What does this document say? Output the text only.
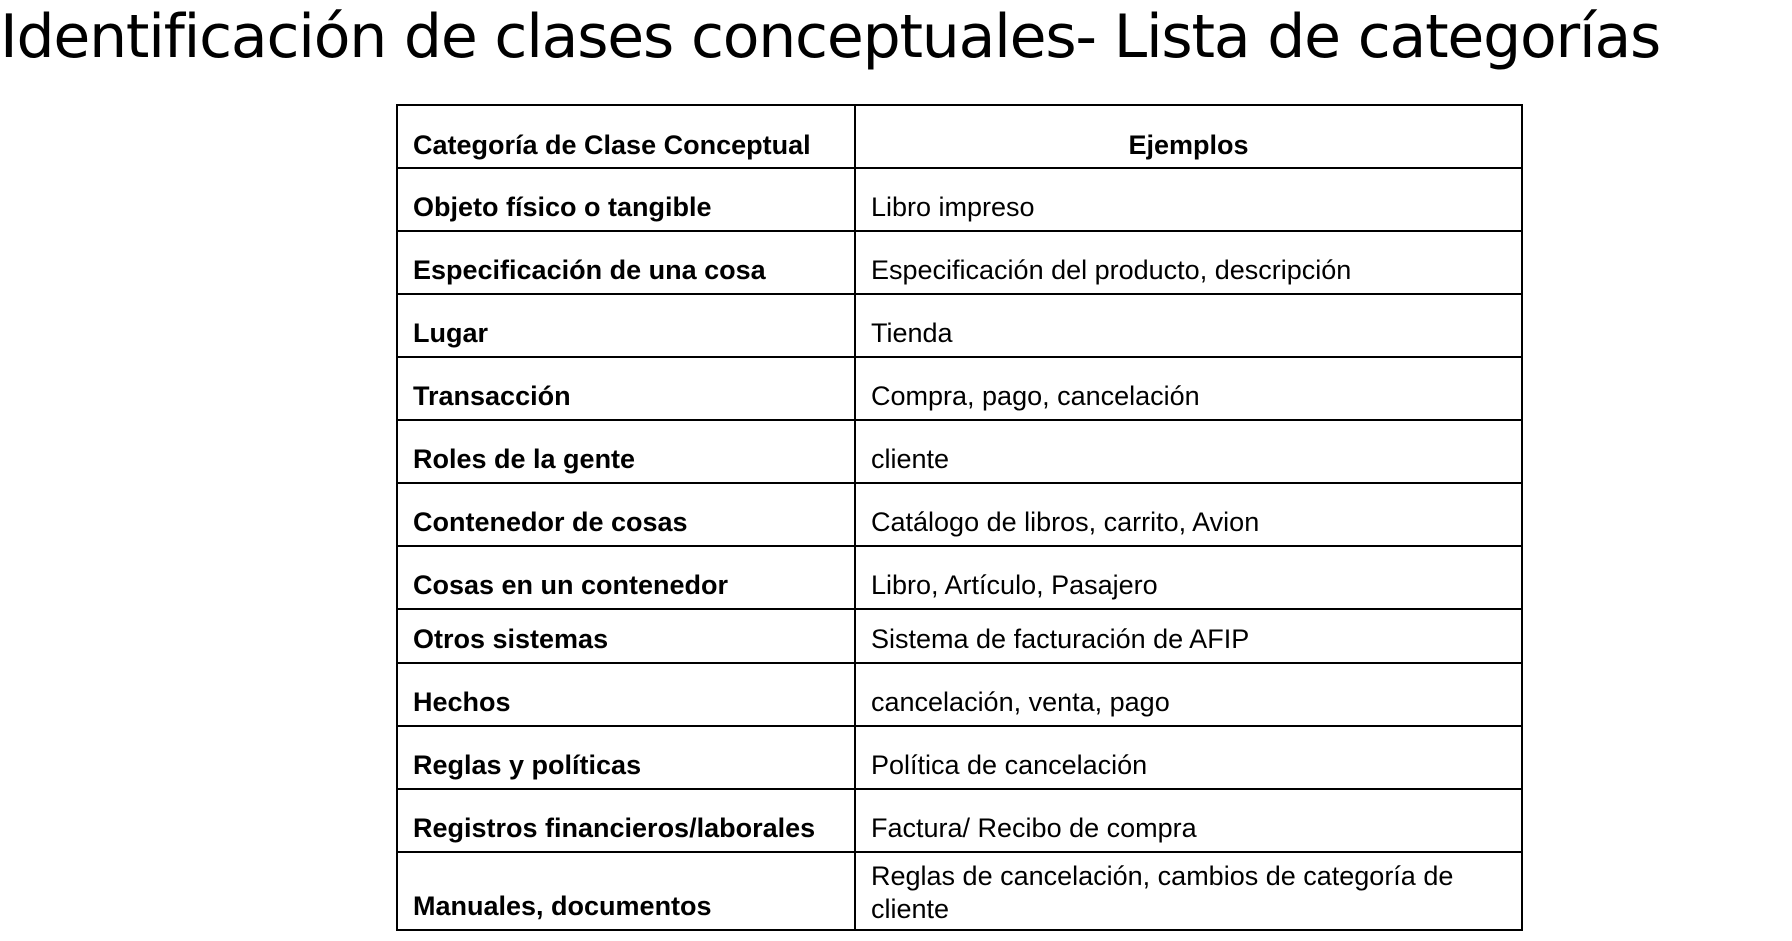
Identificación de clases conceptuales- Lista de categorías
Categoría de Clase Conceptual	Ejemplos
Objeto físico o tangible	Libro impreso
Especificación de una cosa	Especificación del producto, descripción
Lugar	Tienda
Transacción	Compra, pago, cancelación
Roles de la gente	cliente
Contenedor de cosas	Catálogo de libros, carrito, Avion
Cosas en un contenedor	Libro, Artículo, Pasajero
Otros sistemas	Sistema de facturación de AFIP
Hechos	cancelación, venta, pago
Reglas y políticas	Política de cancelación
Registros financieros/laborales	Factura/ Recibo de compra
Manuales, documentos	Reglas de cancelación, cambios de categoría de cliente
